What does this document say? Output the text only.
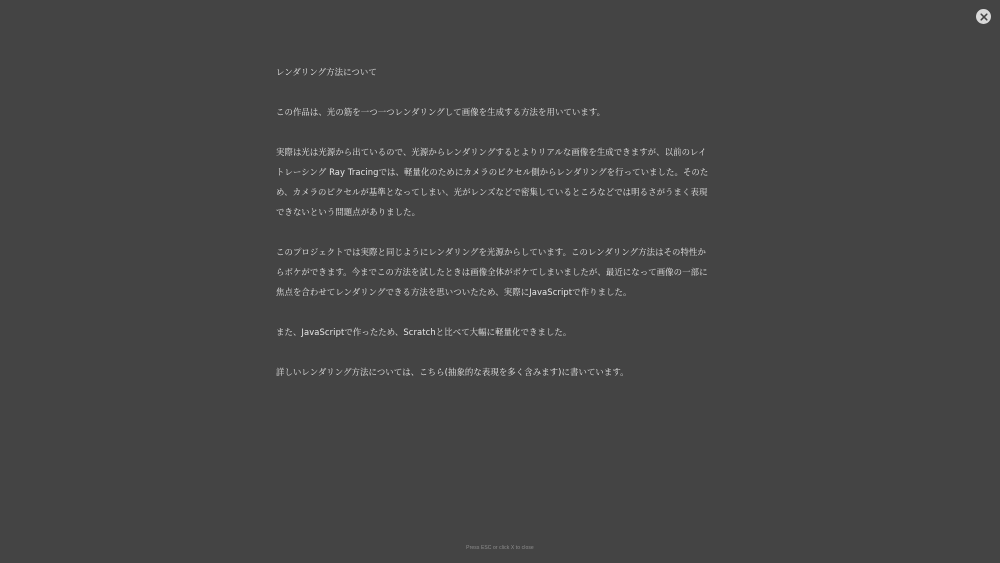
レンダリング方法について
この作品は、光の筋を一つ一つレンダリングして画像を生成する方法を用いています。
実際は光は光源から出ているので、光源からレンダリングするとよりリアルな画像を生成できますが、以前のレイ
トレーシング Ray Tracingでは、軽量化のためにカメラのピクセル側からレンダリングを行っていました。そのた
め、カメラのピクセルが基準となってしまい、光がレンズなどで密集しているところなどでは明るさがうまく表現
できないという問題点がありました。
このプロジェクトでは実際と同じようにレンダリングを光源からしています。このレンダリング方法はその特性か
らボケができます。今までこの方法を試したときは画像全体がボケてしまいましたが、最近になって画像の一部に
焦点を合わせてレンダリングできる方法を思いついたため、実際にJavaScriptで作りました。
また、JavaScriptで作ったため、Scratchと比べて大幅に軽量化できました。
詳しいレンダリング方法については、こちら(抽象的な表現を多く含みます)に書いています。
Press ESC or click X to close
